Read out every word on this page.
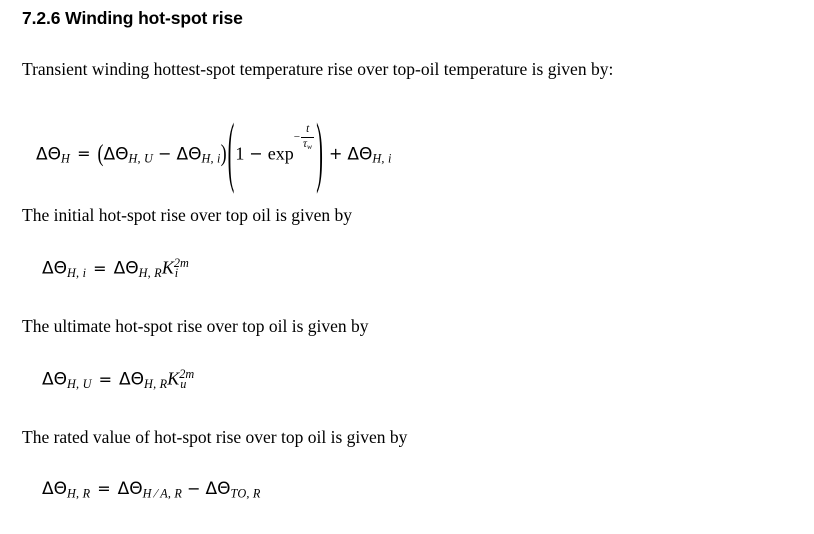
7.2.6 Winding hot-spot rise
Transient winding hottest-spot temperature rise over top-oil temperature is given by:
$\Delta\Theta_H = (\Delta\Theta_{H, U} - \Delta\Theta_{H, i})(1 - \exp- \frac{t}{\tau_w}$ ) + $\Delta\Theta_{H, i}$
The initial hot-spot rise over top oil is given by
$\Delta\Theta_{H, i} = \Delta\Theta_{H, R}K^{2m}_i$
The ultimate hot-spot rise over top oil is given by
$\Delta\Theta_{H, U} = \Delta\Theta_{H, R}K^{2m}_u$
The rated value of hot-spot rise over top oil is given by
$\Delta\Theta_{H, R} = \Delta\Theta_{H ⁄ A, R} - \Delta\Theta_{TO, R}$
